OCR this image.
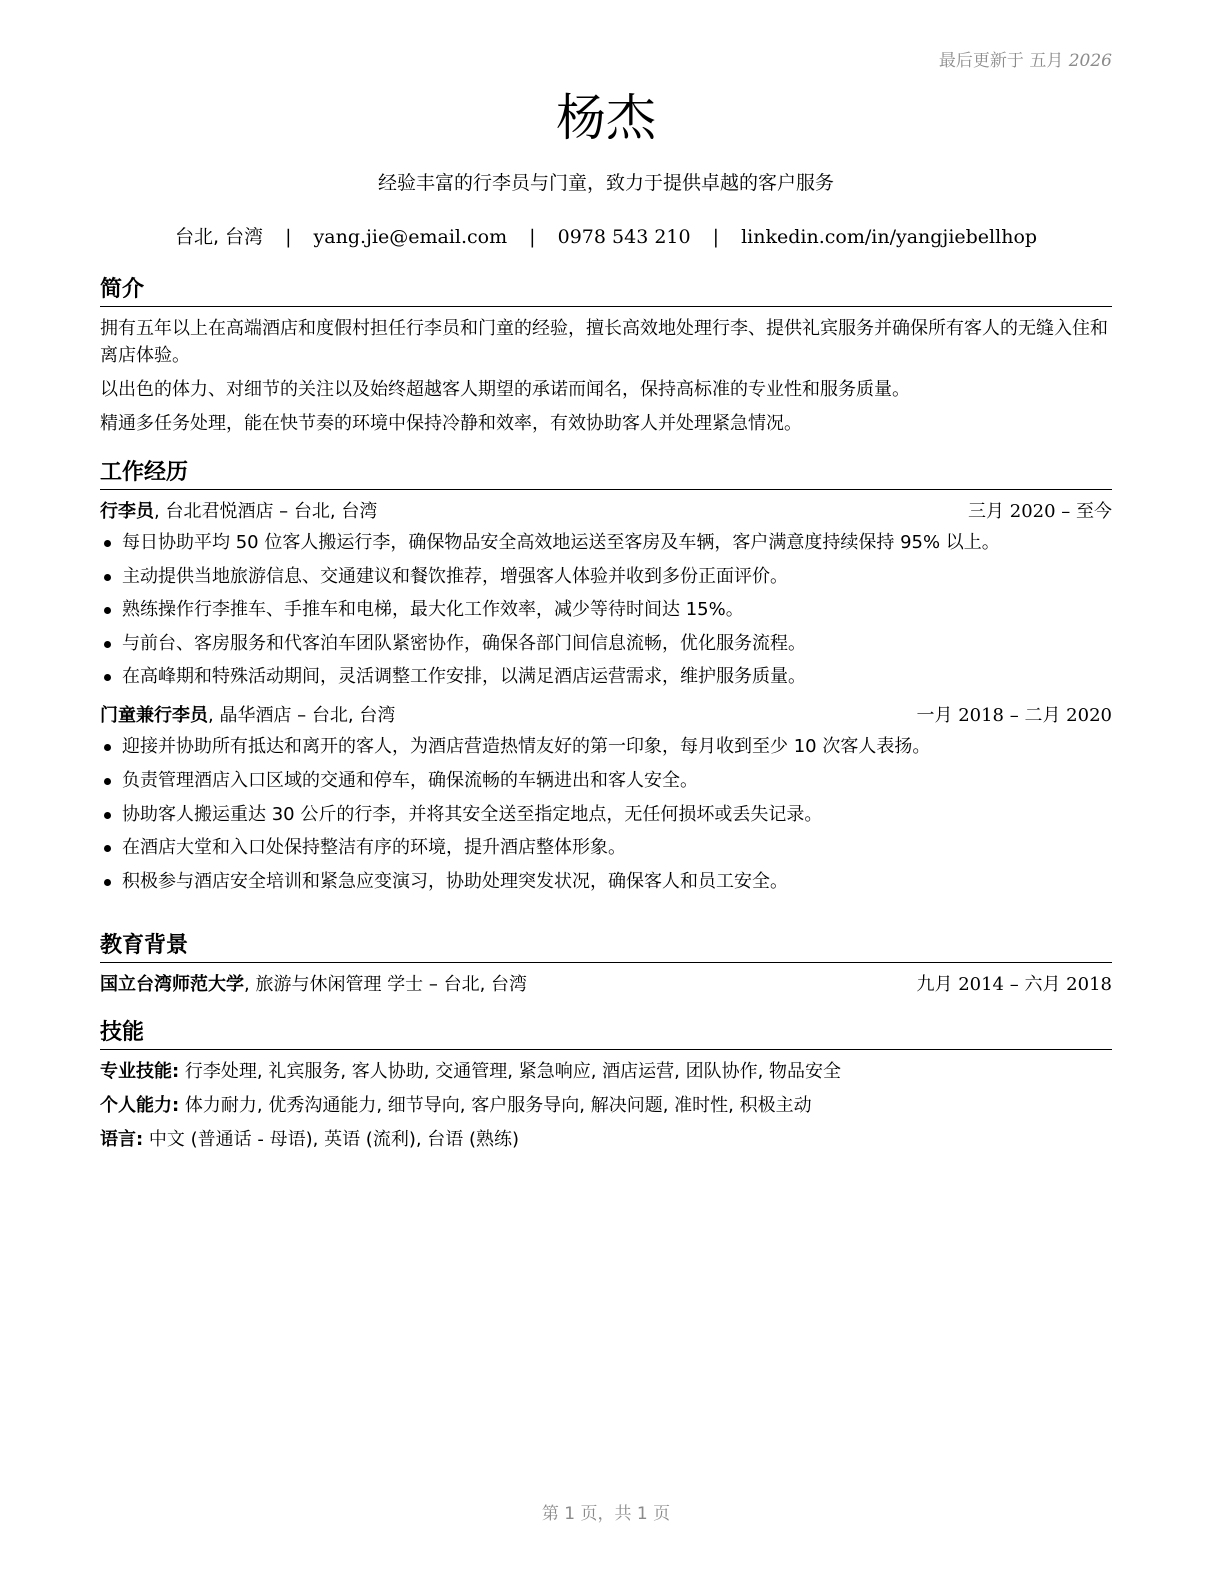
最后更新于 五月 2026
杨杰
经验丰富的行李员与门童，致力于提供卓越的客户服务
台北, 台湾 | yang.jie@email.com | 0978 543 210 | linkedin.com/in/yangjiebellhop
简介

拥有五年以上在高端酒店和度假村担任行李员和门童的经验，擅长高效地处理行李、提供礼宾服务并确保所有客人的无缝入住和离店体验。

以出色的体力、对细节的关注以及始终超越客人期望的承诺而闻名，保持高标准的专业性和服务质量。

精通多任务处理，能在快节奏的环境中保持冷静和效率，有效协助客人并处理紧急情况。

工作经历
行李员, 台北君悦酒店 – 台北, 台湾	三月 2020 – 至今
每日协助平均 50 位客人搬运行李，确保物品安全高效地运送至客房及车辆，客户满意度持续保持 95% 以上。
主动提供当地旅游信息、交通建议和餐饮推荐，增强客人体验并收到多份正面评价。
熟练操作行李推车、手推车和电梯，最大化工作效率，减少等待时间达 15%。
与前台、客房服务和代客泊车团队紧密协作，确保各部门间信息流畅，优化服务流程。
在高峰期和特殊活动期间，灵活调整工作安排，以满足酒店运营需求，维护服务质量。
门童兼行李员, 晶华酒店 – 台北, 台湾	一月 2018 – 二月 2020
迎接并协助所有抵达和离开的客人，为酒店营造热情友好的第一印象，每月收到至少 10 次客人表扬。
负责管理酒店入口区域的交通和停车，确保流畅的车辆进出和客人安全。
协助客人搬运重达 30 公斤的行李，并将其安全送至指定地点，无任何损坏或丢失记录。
在酒店大堂和入口处保持整洁有序的环境，提升酒店整体形象。
积极参与酒店安全培训和紧急应变演习，协助处理突发状况，确保客人和员工安全。
教育背景
国立台湾师范大学, 旅游与休闲管理 学士 – 台北, 台湾	九月 2014 – 六月 2018
技能
专业技能: 行李处理, 礼宾服务, 客人协助, 交通管理, 紧急响应, 酒店运营, 团队协作, 物品安全
个人能力: 体力耐力, 优秀沟通能力, 细节导向, 客户服务导向, 解决问题, 准时性, 积极主动
语言: 中文 (普通话 - 母语), 英语 (流利), 台语 (熟练)
第 1 页，共 1 页
